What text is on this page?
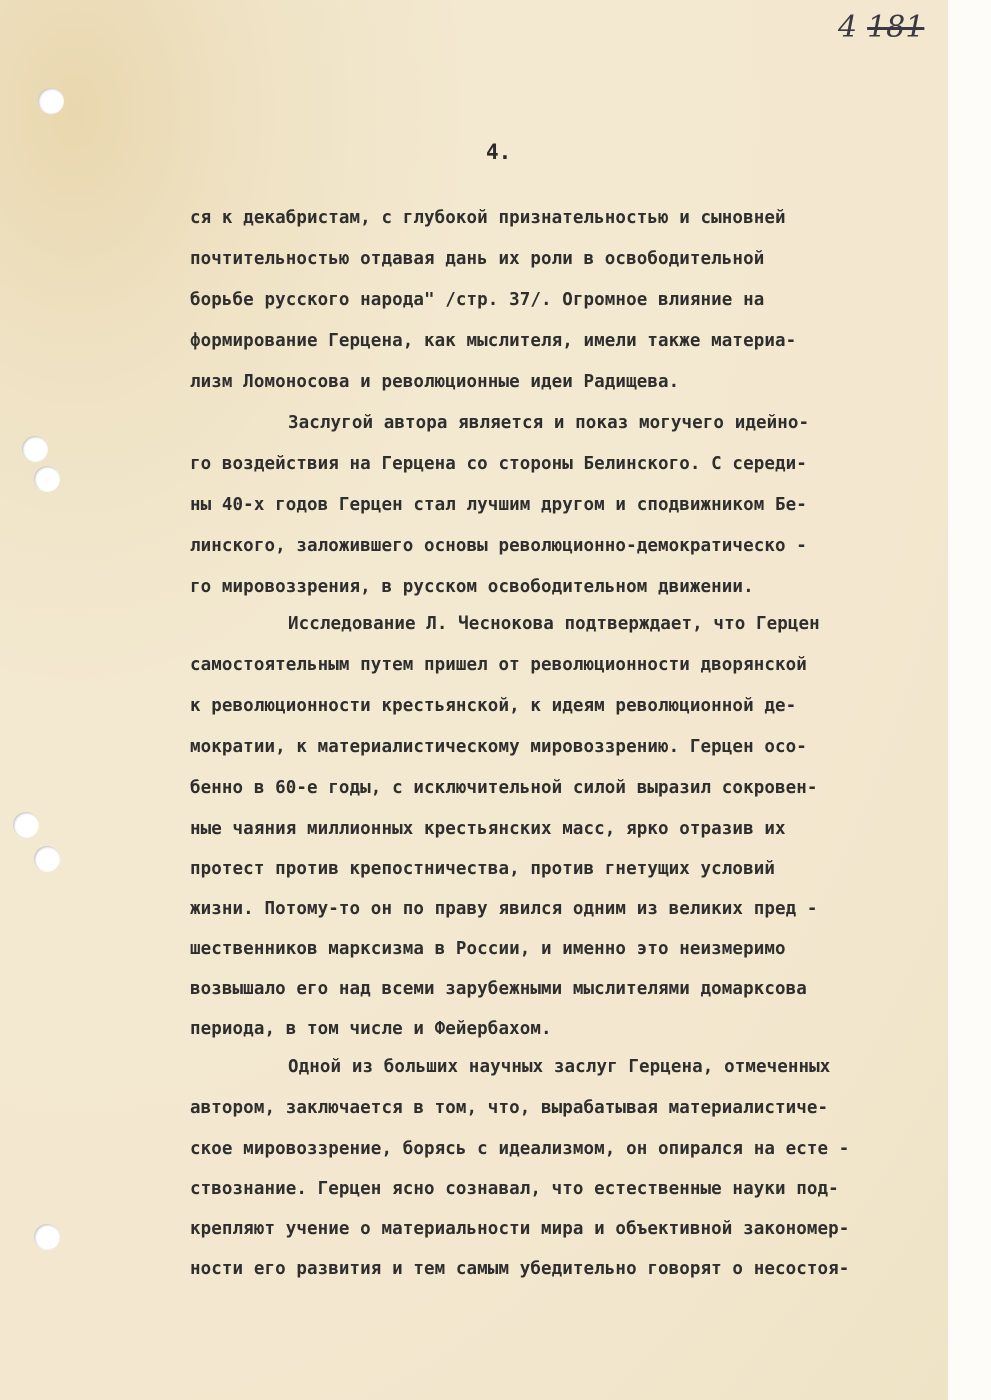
4 181
4.

ся к декабристам, с глубокой признательностью и сыновней

почтительностью отдавая дань их роли в освободительной

борьбе русского народа" /стр. 37/. Огромное влияние на

формирование Герцена, как мыслителя, имели также материа-

лизм Ломоносова и революционные идеи Радищева.

Заслугой автора является и показ могучего идейно-

го воздействия на Герцена со стороны Белинского. С середи-

ны 40-х годов Герцен стал лучшим другом и сподвижником Бе-

линского, заложившего основы революционно-демократическо -

го мировоззрения, в русском освободительном движении.

Исследование Л. Чеснокова подтверждает, что Герцен

самостоятельным путем пришел от революционности дворянской

к революционности крестьянской, к идеям революционной де-

мократии, к материалистическому мировоззрению. Герцен осо-

бенно в 60-е годы, с исключительной силой выразил сокровен-

ные чаяния миллионных крестьянских масс, ярко отразив их

протест против крепостничества, против гнетущих условий

жизни. Потому-то он по праву явился одним из великих пред -

шественников марксизма в России, и именно это неизмеримо

возвышало его над всеми зарубежными мыслителями домарксова

периода, в том числе и Фейербахом.

Одной из больших научных заслуг Герцена, отмеченных

автором, заключается в том, что, вырабатывая материалистиче-

ское мировоззрение, борясь с идеализмом, он опирался на есте -

ствознание. Герцен ясно сознавал, что естественные науки под-

крепляют учение о материальности мира и объективной закономер-

ности его развития и тем самым убедительно говорят о несостоя-
